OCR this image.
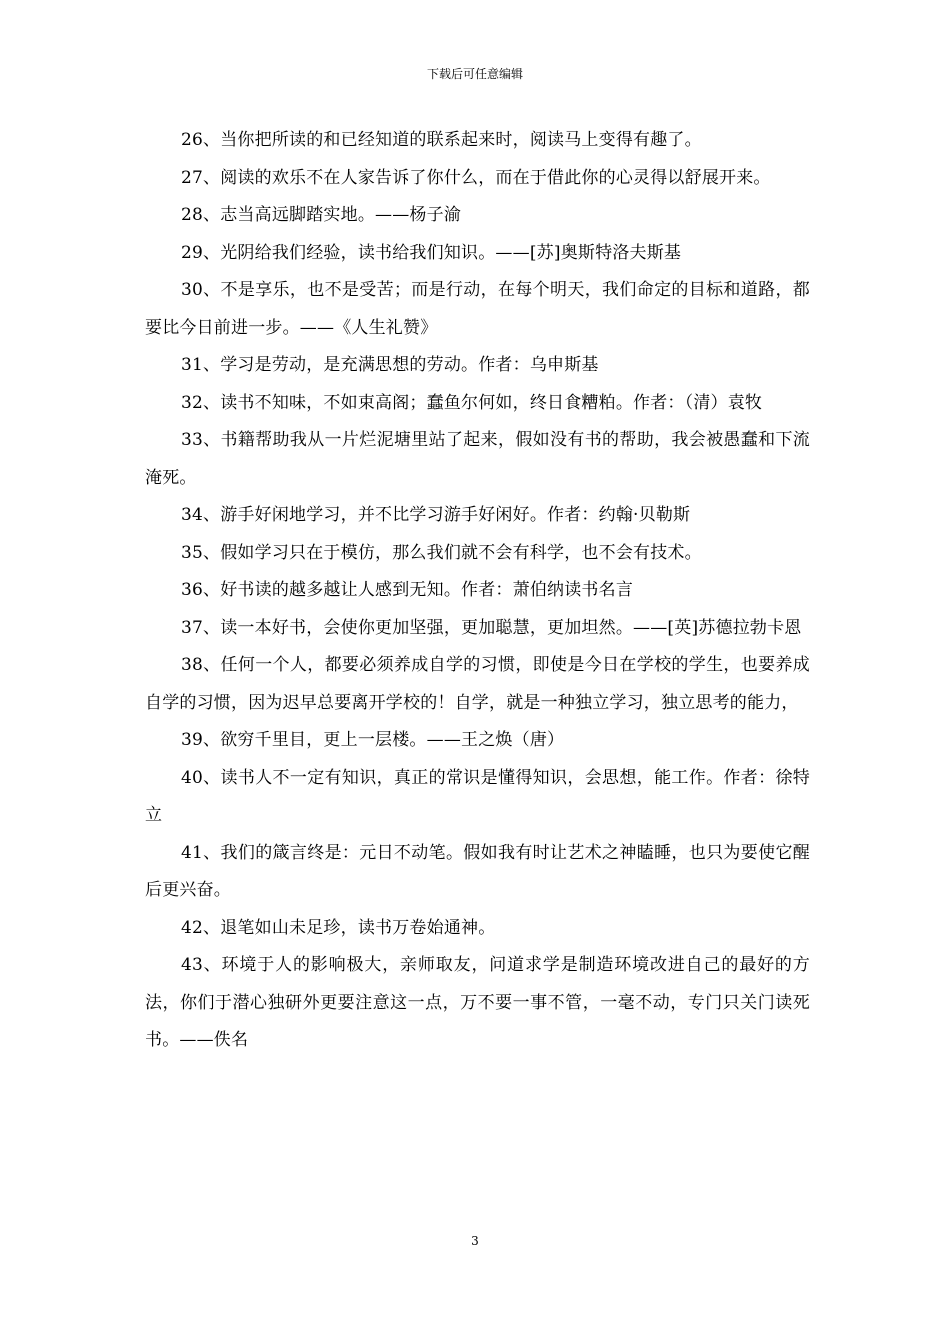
下载后可任意编辑

26、当你把所读的和已经知道的联系起来时，阅读马上变得有趣了。

27、阅读的欢乐不在人家告诉了你什么，而在于借此你的心灵得以舒展开来。

28、志当高远脚踏实地。——杨子渝

29、光阴给我们经验，读书给我们知识。——[苏]奥斯特洛夫斯基

30、不是享乐，也不是受苦；而是行动，在每个明天，我们命定的目标和道路，都要比今日前进一步。——《人生礼赞》

31、学习是劳动，是充满思想的劳动。作者：乌申斯基

32、读书不知味，不如束高阁；蠢鱼尔何如，终日食糟粕。作者：（清）袁牧

33、书籍帮助我从一片烂泥塘里站了起来，假如没有书的帮助，我会被愚蠢和下流淹死。

34、游手好闲地学习，并不比学习游手好闲好。作者：约翰·贝勒斯

35、假如学习只在于模仿，那么我们就不会有科学，也不会有技术。

36、好书读的越多越让人感到无知。作者：萧伯纳读书名言

37、读一本好书，会使你更加坚强，更加聪慧，更加坦然。——[英]苏德拉勃卡恩

38、任何一个人，都要必须养成自学的习惯，即使是今日在学校的学生，也要养成自学的习惯，因为迟早总要离开学校的！自学，就是一种独立学习，独立思考的能力，

39、欲穷千里目，更上一层楼。——王之焕（唐）

40、读书人不一定有知识，真正的常识是懂得知识，会思想，能工作。作者：徐特立

41、我们的箴言终是：元日不动笔。假如我有时让艺术之神瞌睡，也只为要使它醒后更兴奋。

42、退笔如山未足珍，读书万卷始通神。

43、环境于人的影响极大，亲师取友，问道求学是制造环境改进自己的最好的方法，你们于潜心独研外更要注意这一点，万不要一事不管，一毫不动，专门只关门读死书。——佚名

3
